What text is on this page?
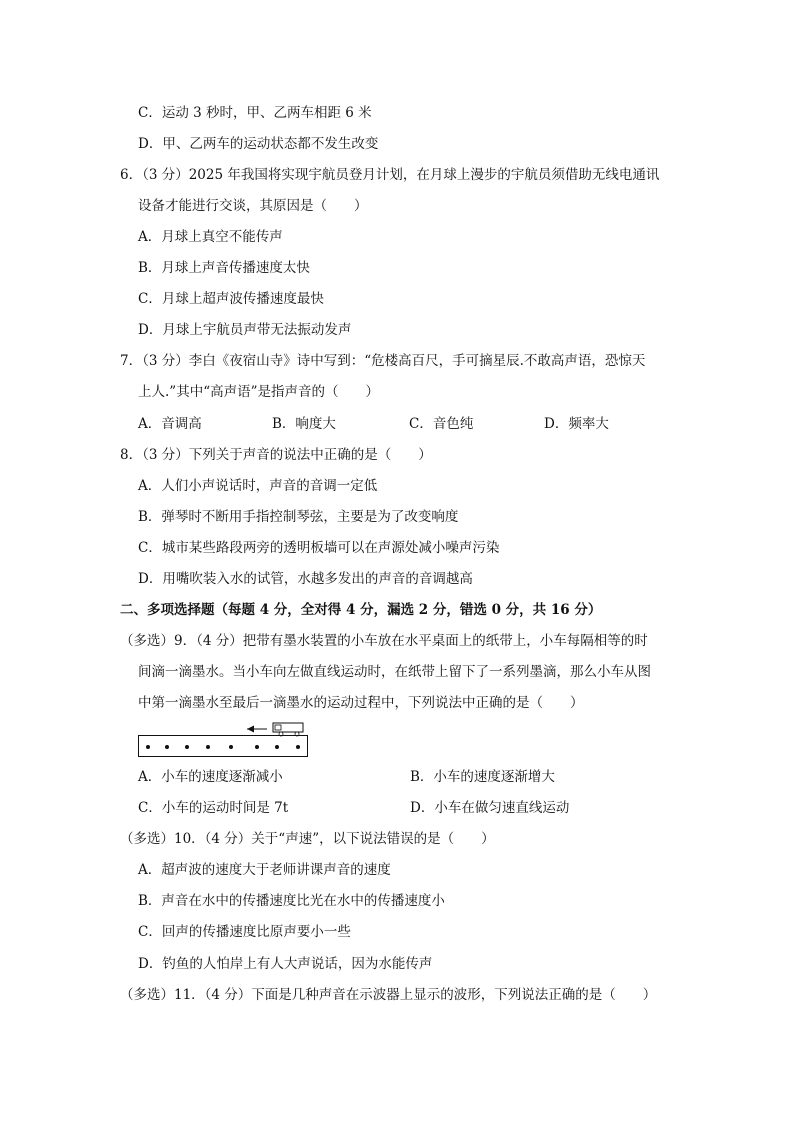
C．运动 3 秒时，甲、乙两车相距 6 米
D．甲、乙两车的运动状态都不发生改变
6．（3 分）2025 年我国将实现宇航员登月计划，在月球上漫步的宇航员须借助无线电通讯
设备才能进行交谈，其原因是（　　）
A．月球上真空不能传声
B．月球上声音传播速度太快
C．月球上超声波传播速度最快
D．月球上宇航员声带无法振动发声
7．（3 分）李白《夜宿山寺》诗中写到：“危楼高百尺，手可摘星辰.不敢高声语，恐惊天
上人.”其中“高声语”是指声音的（　　）
A．音调高	B．响度大	C．音色纯	D．频率大
8．（3 分）下列关于声音的说法中正确的是（　　）
A．人们小声说话时，声音的音调一定低
B．弹琴时不断用手指控制琴弦，主要是为了改变响度
C．城市某些路段两旁的透明板墙可以在声源处减小噪声污染
D．用嘴吹装入水的试管，水越多发出的声音的音调越高
二、多项选择题（每题 4 分，全对得 4 分，漏选 2 分，错选 0 分，共 16 分）
（多选）9．（4 分）把带有墨水装置的小车放在水平桌面上的纸带上，小车每隔相等的时
间滴一滴墨水。当小车向左做直线运动时，在纸带上留下了一系列墨滴，那么小车从图
中第一滴墨水至最后一滴墨水的运动过程中，下列说法中正确的是（　　）
A．小车的速度逐渐减小	B．小车的速度逐渐增大
C．小车的运动时间是 7t	D．小车在做匀速直线运动
（多选）10．（4 分）关于“声速”，以下说法错误的是（　　）
A．超声波的速度大于老师讲课声音的速度
B．声音在水中的传播速度比光在水中的传播速度小
C．回声的传播速度比原声要小一些
D．钓鱼的人怕岸上有人大声说话，因为水能传声
（多选）11．（4 分）下面是几种声音在示波器上显示的波形，下列说法正确的是（　　）
